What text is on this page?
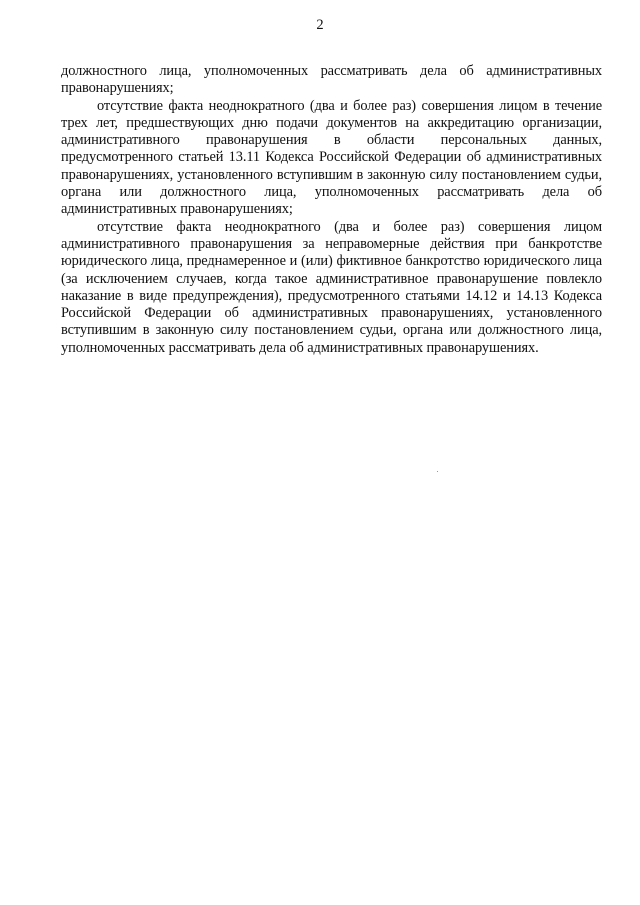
2

должностного лица, уполномоченных рассматривать дела об административных правонарушениях;

отсутствие факта неоднократного (два и более раз) совершения лицом в течение трех лет, предшествующих дню подачи документов на аккредитацию организации, административного правонарушения в области персональных данных, предусмотренного статьей 13.11 Кодекса Российской Федерации об административных правонарушениях, установленного вступившим в законную силу постановлением судьи, органа или должностного лица, уполномоченных рассматривать дела об административных правонарушениях;

отсутствие факта неоднократного (два и более раз) совершения лицом административного правонарушения за неправомерные действия при банкротстве юридического лица, преднамеренное и (или) фиктивное банкротство юридического лица (за исключением случаев, когда такое административное правонарушение повлекло наказание в виде предупреждения), предусмотренного статьями 14.12 и 14.13 Кодекса Российской Федерации об административных правонарушениях, установленного вступившим в законную силу постановлением судьи, органа или должностного лица, уполномоченных рассматривать дела об административных правонарушениях.
